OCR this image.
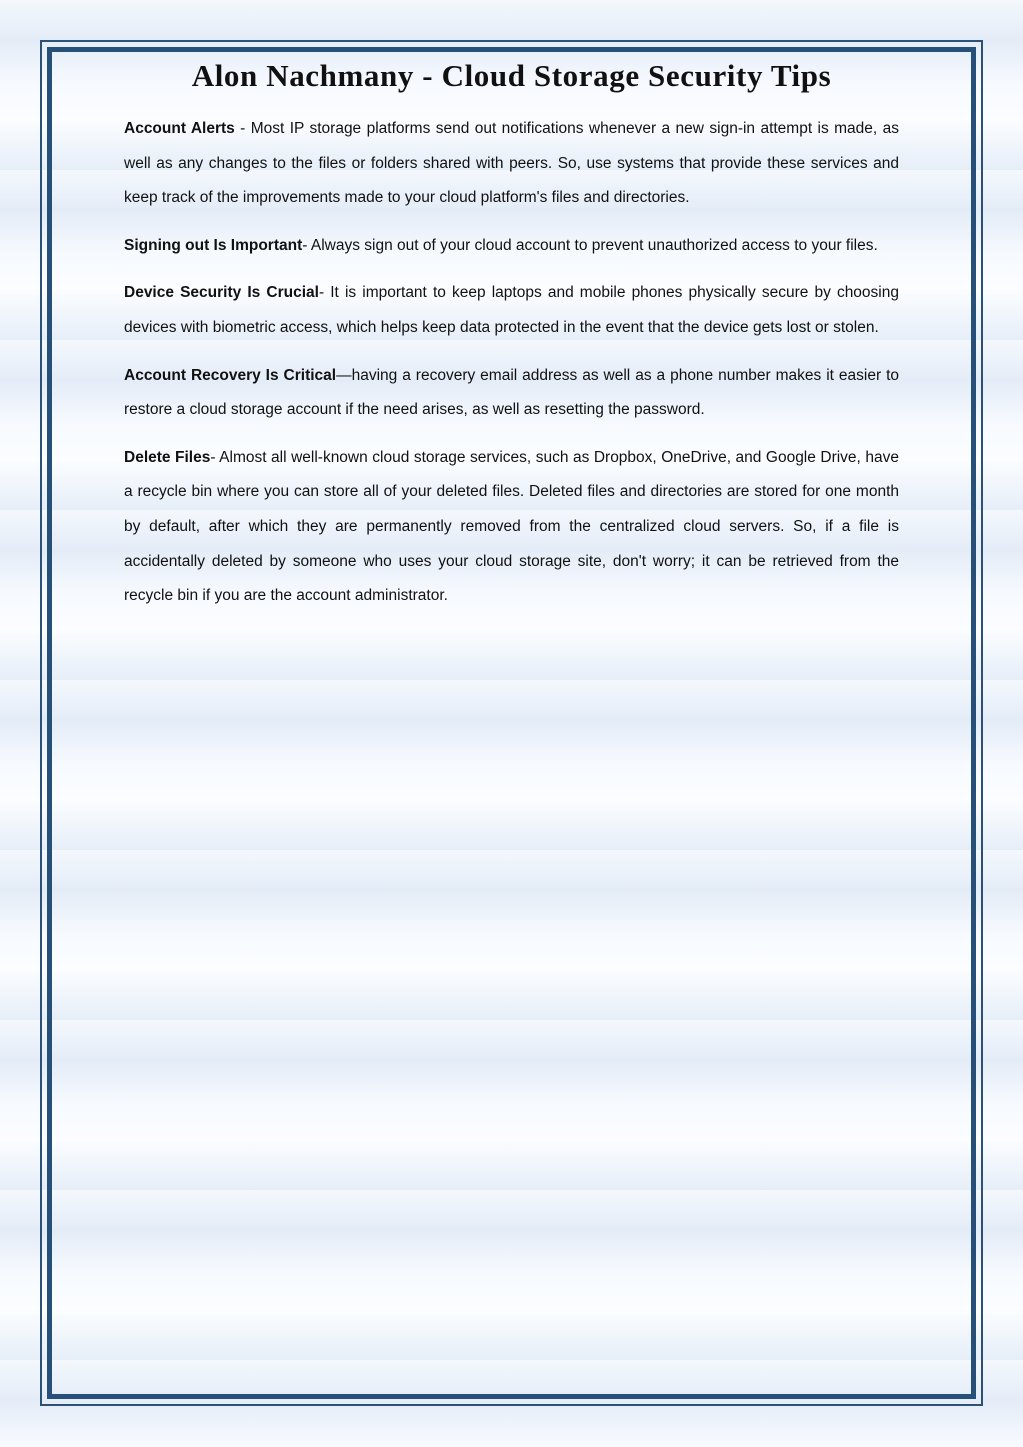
Alon Nachmany - Cloud Storage Security Tips

Account Alerts - Most IP storage platforms send out notifications whenever a new sign-in attempt is made, as well as any changes to the files or folders shared with peers. So, use systems that provide these services and keep track of the improvements made to your cloud platform's files and directories.

Signing out Is Important- Always sign out of your cloud account to prevent unauthorized access to your files.

Device Security Is Crucial- It is important to keep laptops and mobile phones physically secure by choosing devices with biometric access, which helps keep data protected in the event that the device gets lost or stolen.

Account Recovery Is Critical—having a recovery email address as well as a phone number makes it easier to restore a cloud storage account if the need arises, as well as resetting the password.

Delete Files- Almost all well-known cloud storage services, such as Dropbox, OneDrive, and Google Drive, have a recycle bin where you can store all of your deleted files. Deleted files and directories are stored for one month by default, after which they are permanently removed from the centralized cloud servers. So, if a file is accidentally deleted by someone who uses your cloud storage site, don't worry; it can be retrieved from the recycle bin if you are the account administrator.
